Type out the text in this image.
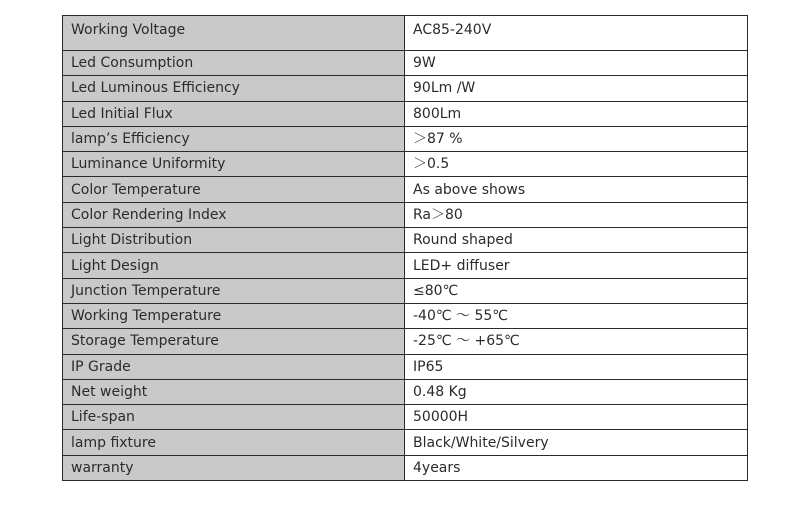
Working Voltage	AC85-240V
Led Consumption	9W
Led Luminous Efficiency	90Lm /W
Led Initial Flux	800Lm
lamp’s Efficiency	＞87 %
Luminance Uniformity	＞0.5
Color Temperature	As above shows
Color Rendering Index	Ra＞80
Light Distribution	Round shaped
Light Design	LED+ diffuser
Junction Temperature	≤80℃
Working Temperature	-40℃ ～ 55℃
Storage Temperature	-25℃ ～ +65℃
IP Grade	IP65
Net weight	0.48 Kg
Life-span	50000H
lamp fixture	Black/White/Silvery
warranty	4years
